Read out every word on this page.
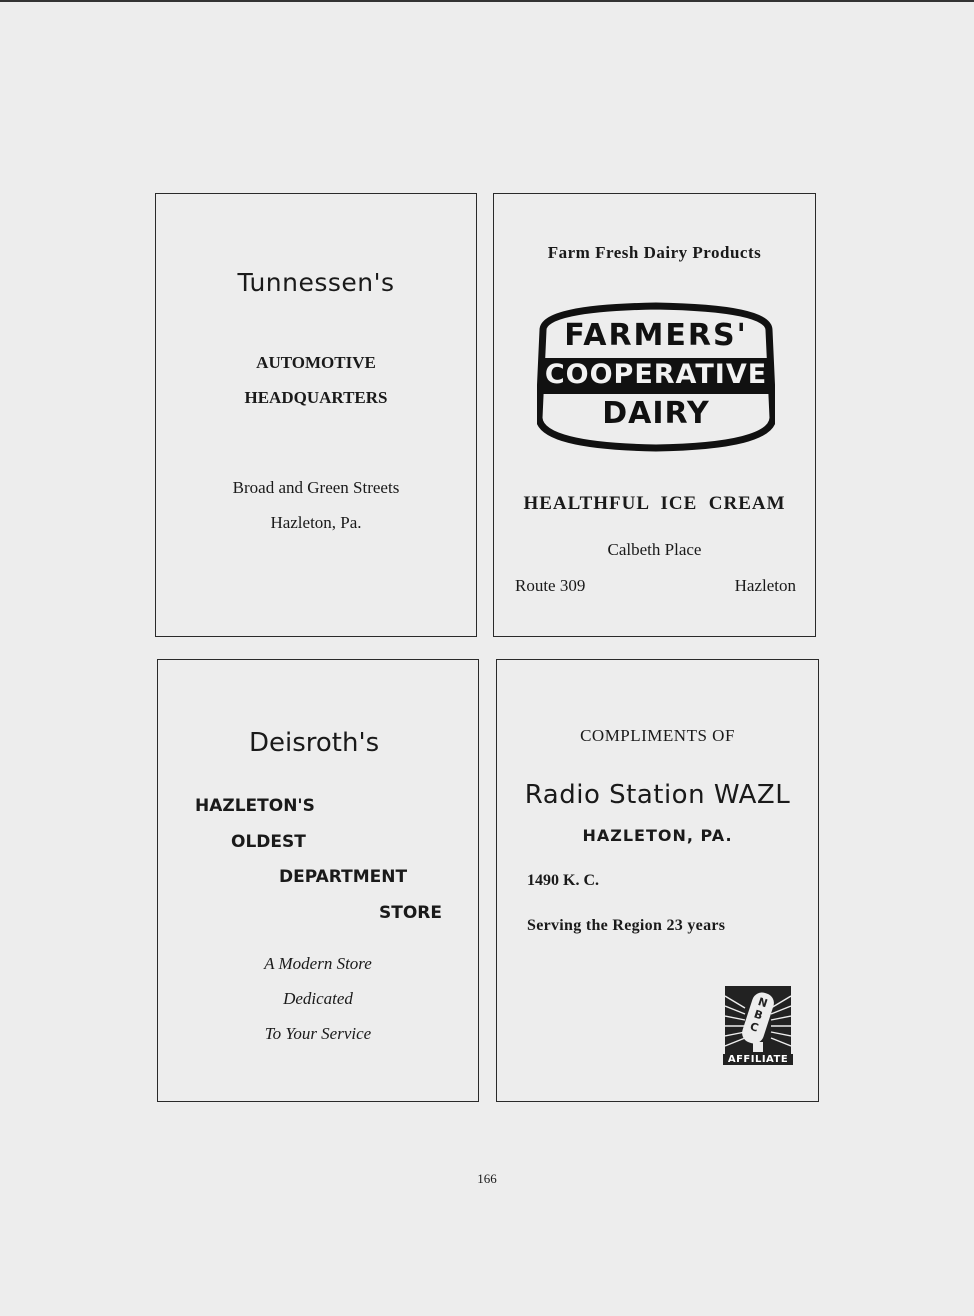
Tunnessen's
AUTOMOTIVE
HEADQUARTERS
Broad and Green Streets
Hazleton, Pa.
Farm Fresh Dairy Products
FARMERS'
COOPERATIVE
DAIRY
HEALTHFUL  ICE  CREAM
Calbeth Place
Route 309	Hazleton
Deisroth's
HAZLETON'S
OLDEST
DEPARTMENT
STORE
A Modern Store
Dedicated
To Your Service
COMPLIMENTS OF
Radio Station WAZL
HAZLETON, PA.
1490 K. C.
Serving the Region 23 years
NBC
AFFILIATE
166
